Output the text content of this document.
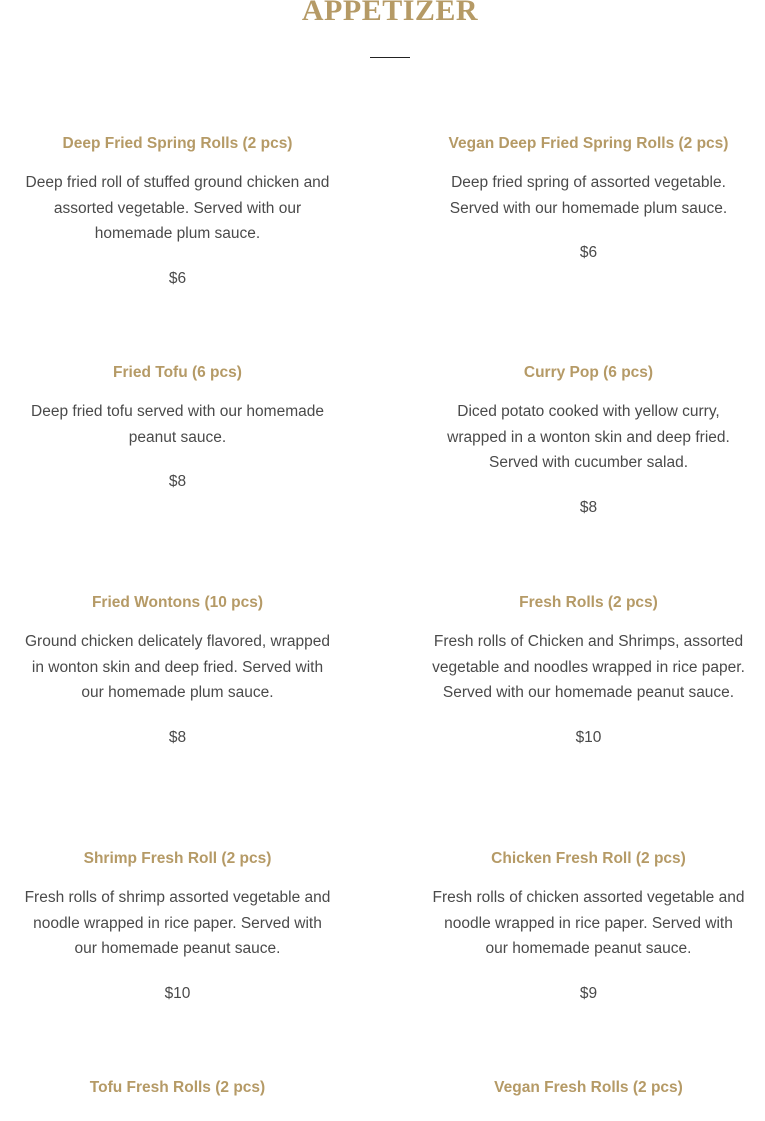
APPETIZER

Deep Fried Spring Rolls (2 pcs)

Deep fried roll of stuffed ground chicken and assorted vegetable. Served with our homemade plum sauce.

$6

Vegan Deep Fried Spring Rolls (2 pcs)

Deep fried spring of assorted vegetable. Served with our homemade plum sauce.

$6

Fried Tofu (6 pcs)

Deep fried tofu served with our homemade peanut sauce.

$8

Curry Pop (6 pcs)

Diced potato cooked with yellow curry, wrapped in a wonton skin and deep fried. Served with cucumber salad.

$8

Fried Wontons (10 pcs)

Ground chicken delicately flavored, wrapped in wonton skin and deep fried. Served with our homemade plum sauce.

$8

Fresh Rolls (2 pcs)

Fresh rolls of Chicken and Shrimps, assorted vegetable and noodles wrapped in rice paper. Served with our homemade peanut sauce.

$10

Shrimp Fresh Roll (2 pcs)

Fresh rolls of shrimp assorted vegetable and noodle wrapped in rice paper. Served with our homemade peanut sauce.

$10

Chicken Fresh Roll (2 pcs)

Fresh rolls of chicken assorted vegetable and noodle wrapped in rice paper. Served with our homemade peanut sauce.

$9

Tofu Fresh Rolls (2 pcs)	Vegan Fresh Rolls (2 pcs)
